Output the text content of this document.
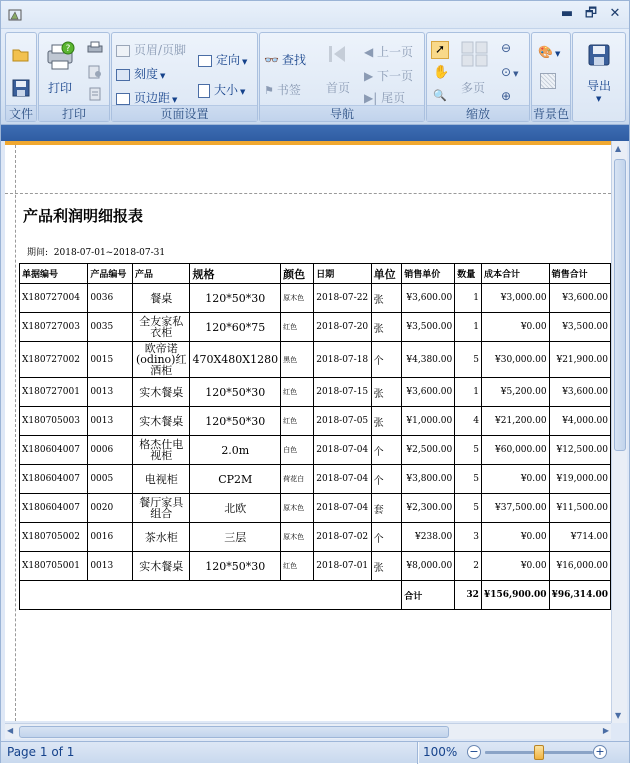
▬ 🗗 ✕
文件
?
打印
打印
页眉/页脚
刻度 ▼
页边距 ▼
定向 ▼
大小 ▼
页面设置
👓 查找
⚑ 书签 首页
◀ 上一页
▶ 下一页
▶| 尾页
导航
➚
✋
🔍
多页
⊖
⊙ ▼
⊕
缩放
🎨 ▼
背景色
导出
▼
产品利润明细报表
期间: 2018-07-01~2018-07-31
单据编号	产品编号	产品	规格	颜色	日期	单位	销售单价	数量	成本合计	销售合计
X180727004	0036	餐桌	120*50*30	原木色	2018-07-22	张	¥3,600.00	1	¥3,000.00	¥3,600.00
X180727003	0035	全友家私衣柜	120*60*75	红色	2018-07-20	张	¥3,500.00	1	¥0.00	¥3,500.00
X180727002	0015	欧帝诺(odino)红酒柜	470X480X1280	黑色	2018-07-18	个	¥4,380.00	5	¥30,000.00	¥21,900.00
X180727001	0013	实木餐桌	120*50*30	红色	2018-07-15	张	¥3,600.00	1	¥5,200.00	¥3,600.00
X180705003	0013	实木餐桌	120*50*30	红色	2018-07-05	张	¥1,000.00	4	¥21,200.00	¥4,000.00
X180604007	0006	格杰仕电视柜	2.0m	白色	2018-07-04	个	¥2,500.00	5	¥60,000.00	¥12,500.00
X180604007	0005	电视柜	CP2M	荷花白	2018-07-04	个	¥3,800.00	5	¥0.00	¥19,000.00
X180604007	0020	餐厅家具组合	北欧	原木色	2018-07-04	套	¥2,300.00	5	¥37,500.00	¥11,500.00
X180705002	0016	茶水柜	三层	原木色	2018-07-02	个	¥238.00	3	¥0.00	¥714.00
X180705001	0013	实木餐桌	120*50*30	红色	2018-07-01	张	¥8,000.00	2	¥0.00	¥16,000.00
							合计	32	¥156,900.00	¥96,314.00
▲
▼
◀	▶
Page 1 of 1	100% −	+
